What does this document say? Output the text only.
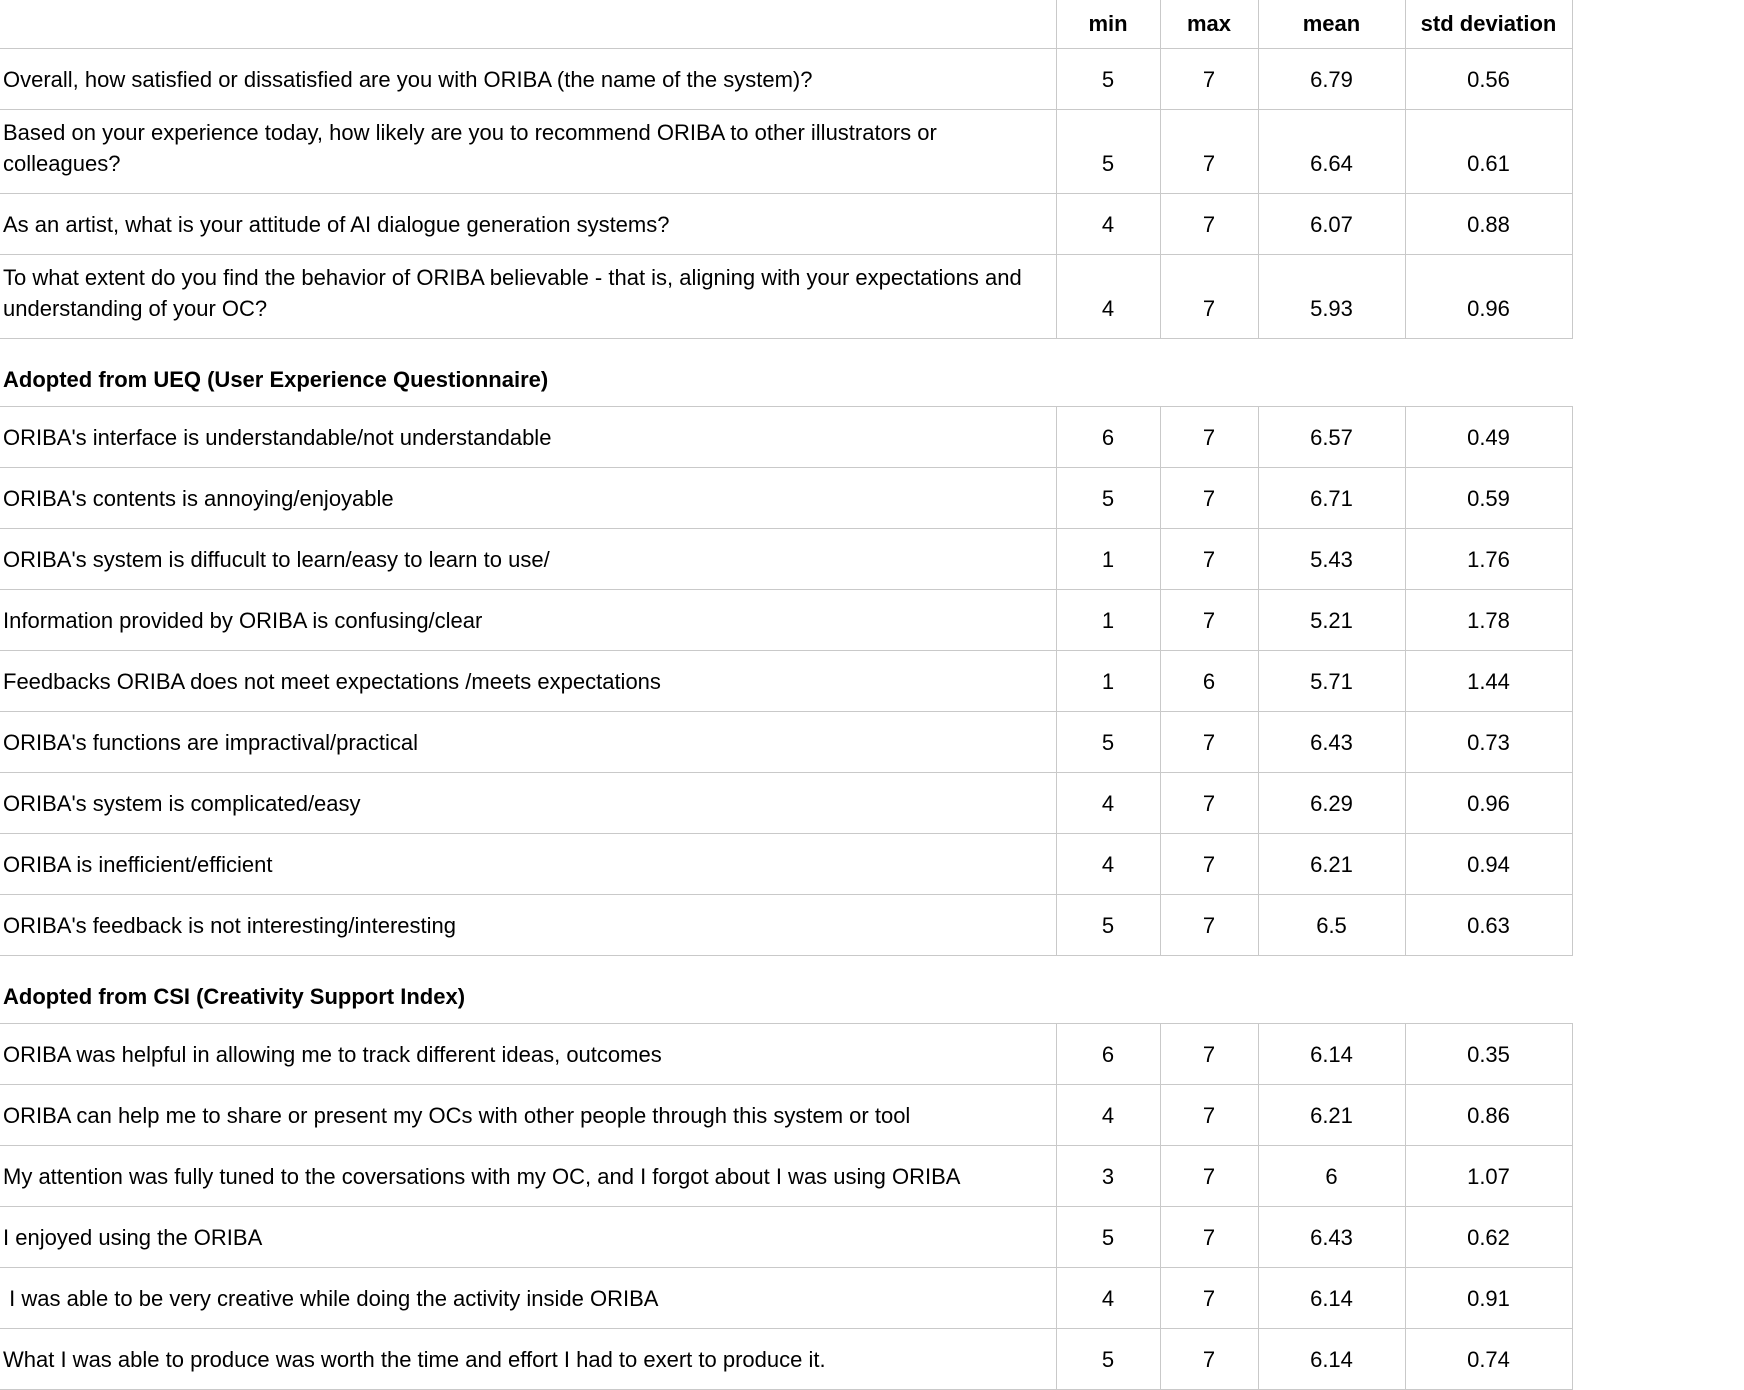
	min	max	mean	std deviation
Overall, how satisfied or dissatisfied are you with ORIBA (the name of the system)?	5	7	6.79	0.56
Based on your experience today, how likely are you to recommend ORIBA to other illustrators or colleagues?	5	7	6.64	0.61
As an artist, what is your attitude of AI dialogue generation systems?	4	7	6.07	0.88
To what extent do you find the behavior of ORIBA believable - that is, aligning with your expectations and understanding of your OC?	4	7	5.93	0.96
Adopted from UEQ (User Experience Questionnaire)				
ORIBA's interface is understandable/not understandable	6	7	6.57	0.49
ORIBA's contents is annoying/enjoyable	5	7	6.71	0.59
ORIBA's system is diffucult to learn/easy to learn to use/	1	7	5.43	1.76
Information provided by ORIBA is confusing/clear	1	7	5.21	1.78
Feedbacks ORIBA does not meet expectations /meets expectations	1	6	5.71	1.44
ORIBA's functions are impractival/practical	5	7	6.43	0.73
ORIBA's system is complicated/easy	4	7	6.29	0.96
ORIBA is inefficient/efficient	4	7	6.21	0.94
ORIBA's feedback is not interesting/interesting	5	7	6.5	0.63
Adopted from CSI (Creativity Support Index)				
ORIBA was helpful in allowing me to track different ideas, outcomes	6	7	6.14	0.35
ORIBA can help me to share or present my OCs with other people through this system or tool	4	7	6.21	0.86
My attention was fully tuned to the coversations with my OC, and I forgot about I was using ORIBA	3	7	6	1.07
I enjoyed using the ORIBA	5	7	6.43	0.62
I was able to be very creative while doing the activity inside ORIBA	4	7	6.14	0.91
What I was able to produce was worth the time and effort I had to exert to produce it.	5	7	6.14	0.74
